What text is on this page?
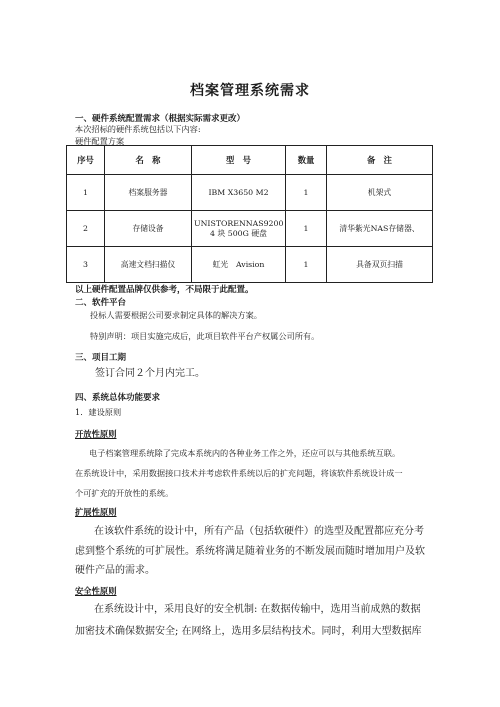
档案管理系统需求
一、硬件系统配置需求（根据实际需求更改）
本次招标的硬件系统包括以下内容:
硬件配置方案
序号	名　称	型　号	数量	备　注
1	档案服务器	IBM X3650 M2	1	机架式
2	存储设备	UNISTORENNAS9200 4 块 500G 硬盘	1	清华紫光NAS存储器、
3	高速文档扫描仪	虹光　Avision	1	具备双页扫描
以上硬件配置品牌仅供参考，不局限于此配置。
二、软件平台
投标人需要根据公司要求制定具体的解决方案。
特别声明：项目实施完成后，此项目软件平台产权属公司所有。
三、项目工期
签订合同２个月内完工。
四、系统总体功能要求
1．建设原则
开放性原则
电子档案管理系统除了完成本系统内的各种业务工作之外，还应可以与其他系统互联。
在系统设计中，采用数据接口技术并考虑软件系统以后的扩充问题，将该软件系统设计成一
个可扩充的开放性的系统。
扩展性原则
在该软件系统的设计中，所有产品（包括软硬件）的选型及配置都应充分考
虑到整个系统的可扩展性。系统将满足随着业务的不断发展而随时增加用户及软
硬件产品的需求。
安全性原则
在系统设计中，采用良好的安全机制: 在数据传输中，选用当前成熟的数据
加密技术确保数据安全; 在网络上，选用多层结构技术。同时，利用大型数据库
